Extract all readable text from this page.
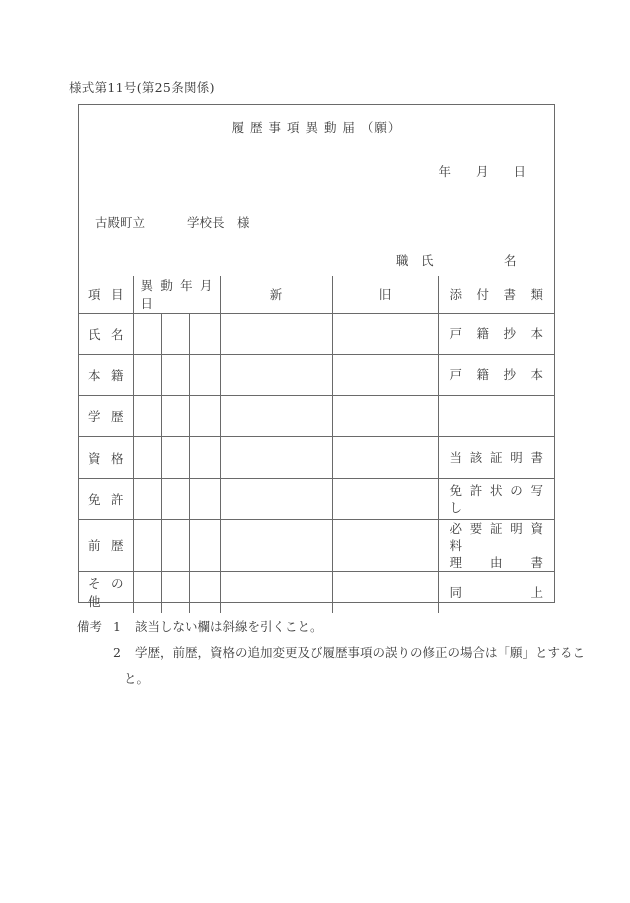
様式第11号(第25条関係)
履 歴 事 項 異 動 届 （願）
年　　月　　日
古殿町立	学校長　様
職　氏	名
項 目	異 動 年 月 日			新	旧	添 付 書 類
氏 名						戸 籍 抄 本

本 籍						戸 籍 抄 本

学 歴						

資 格						当 該 証 明 書

免 許						免 許 状 の 写 し

前 歴						必 要 証 明 資 料
理 由 書

その他						同 上
備考 1 該当しない欄は斜線を引くこと。
2 学歴，前歴，資格の追加変更及び履歴事項の誤りの修正の場合は「願」とするこ
と。
